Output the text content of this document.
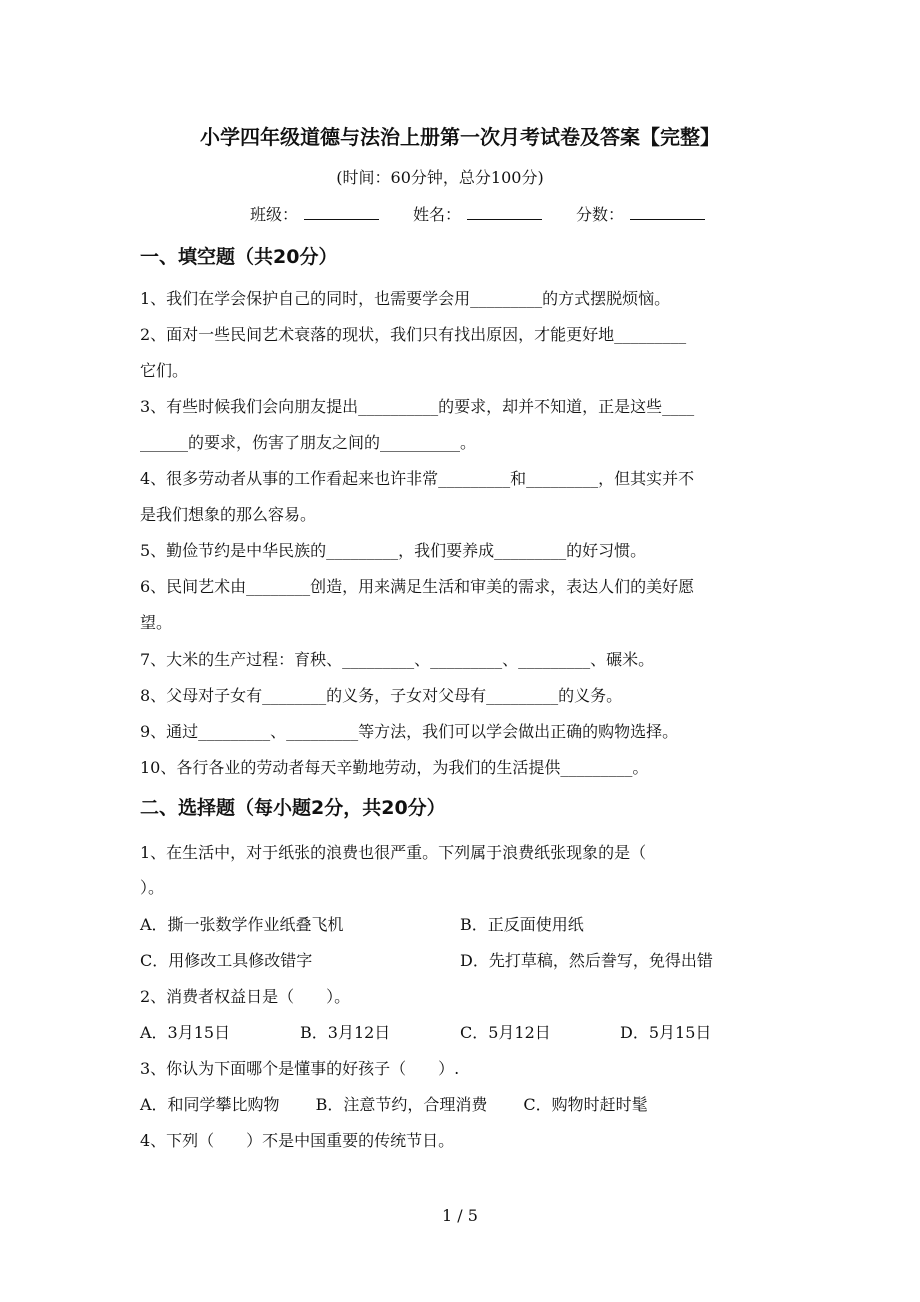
小学四年级道德与法治上册第一次月考试卷及答案【完整】
(时间：60分钟，总分100分)
班级：	姓名：	分数：
一、填空题（共20分）
1、我们在学会保护自己的同时，也需要学会用_________的方式摆脱烦恼。
2、面对一些民间艺术衰落的现状，我们只有找出原因，才能更好地_________
它们。
3、有些时候我们会向朋友提出__________的要求，却并不知道，正是这些____
______的要求，伤害了朋友之间的__________。
4、很多劳动者从事的工作看起来也许非常_________和_________，但其实并不
是我们想象的那么容易。
5、勤俭节约是中华民族的_________，我们要养成_________的好习惯。
6、民间艺术由________创造，用来满足生活和审美的需求，表达人们的美好愿
望。
7、大米的生产过程：育秧、_________、_________、_________、碾米。
8、父母对子女有________的义务，子女对父母有_________的义务。
9、通过_________、_________等方法，我们可以学会做出正确的购物选择。
10、各行各业的劳动者每天辛勤地劳动，为我们的生活提供_________。
二、选择题（每小题2分，共20分）
1、在生活中，对于纸张的浪费也很严重。下列属于浪费纸张现象的是（
）。
A．撕一张数学作业纸叠飞机	B．正反面使用纸
C．用修改工具修改错字	D．先打草稿，然后誊写，免得出错
2、消费者权益日是（　　）。
A．3月15日	B．3月12日	C．5月12日	D．5月15日
3、你认为下面哪个是懂事的好孩子（　　）.
A．和同学攀比购物 B．注意节约，合理消费 C．购物时赶时髦
4、下列（　　）不是中国重要的传统节日。
1 / 5
